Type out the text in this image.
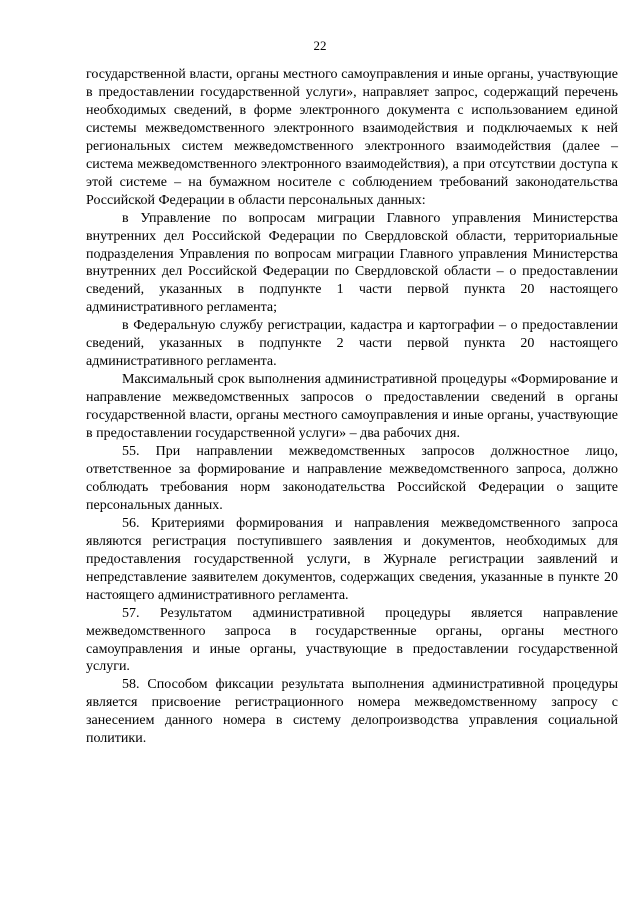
22

государственной власти, органы местного самоуправления и иные органы, участвующие в предоставлении государственной услуги», направляет запрос, содержащий перечень необходимых сведений, в форме электронного документа с использованием единой системы межведомственного электронного взаимодействия и подключаемых к ней региональных систем межведомственного электронного взаимодействия (далее – система межведомственного электронного взаимодействия), а при отсутствии доступа к этой системе – на бумажном носителе с соблюдением требований законодательства Российской Федерации в области персональных данных:

в Управление по вопросам миграции Главного управления Министерства внутренних дел Российской Федерации по Свердловской области, территориальные подразделения Управления по вопросам миграции Главного управления Министерства внутренних дел Российской Федерации по Свердловской области – о предоставлении сведений, указанных в подпункте 1 части первой пункта 20 настоящего административного регламента;

в Федеральную службу регистрации, кадастра и картографии – о предоставлении сведений, указанных в подпункте 2 части первой пункта 20 настоящего административного регламента.

Максимальный срок выполнения административной процедуры «Формирование и направление межведомственных запросов о предоставлении сведений в органы государственной власти, органы местного самоуправления и иные органы, участвующие в предоставлении государственной услуги» – два рабочих дня.

55. При направлении межведомственных запросов должностное лицо, ответственное за формирование и направление межведомственного запроса, должно соблюдать требования норм законодательства Российской Федерации о защите персональных данных.

56. Критериями формирования и направления межведомственного запроса являются регистрация поступившего заявления и документов, необходимых для предоставления государственной услуги, в Журнале регистрации заявлений и непредставление заявителем документов, содержащих сведения, указанные в пункте 20 настоящего административного регламента.

57. Результатом административной процедуры является направление межведомственного запроса в государственные органы, органы местного самоуправления и иные органы, участвующие в предоставлении государственной услуги.

58. Способом фиксации результата выполнения административной процедуры является присвоение регистрационного номера межведомственному запросу с занесением данного номера в систему делопроизводства управления социальной политики.
